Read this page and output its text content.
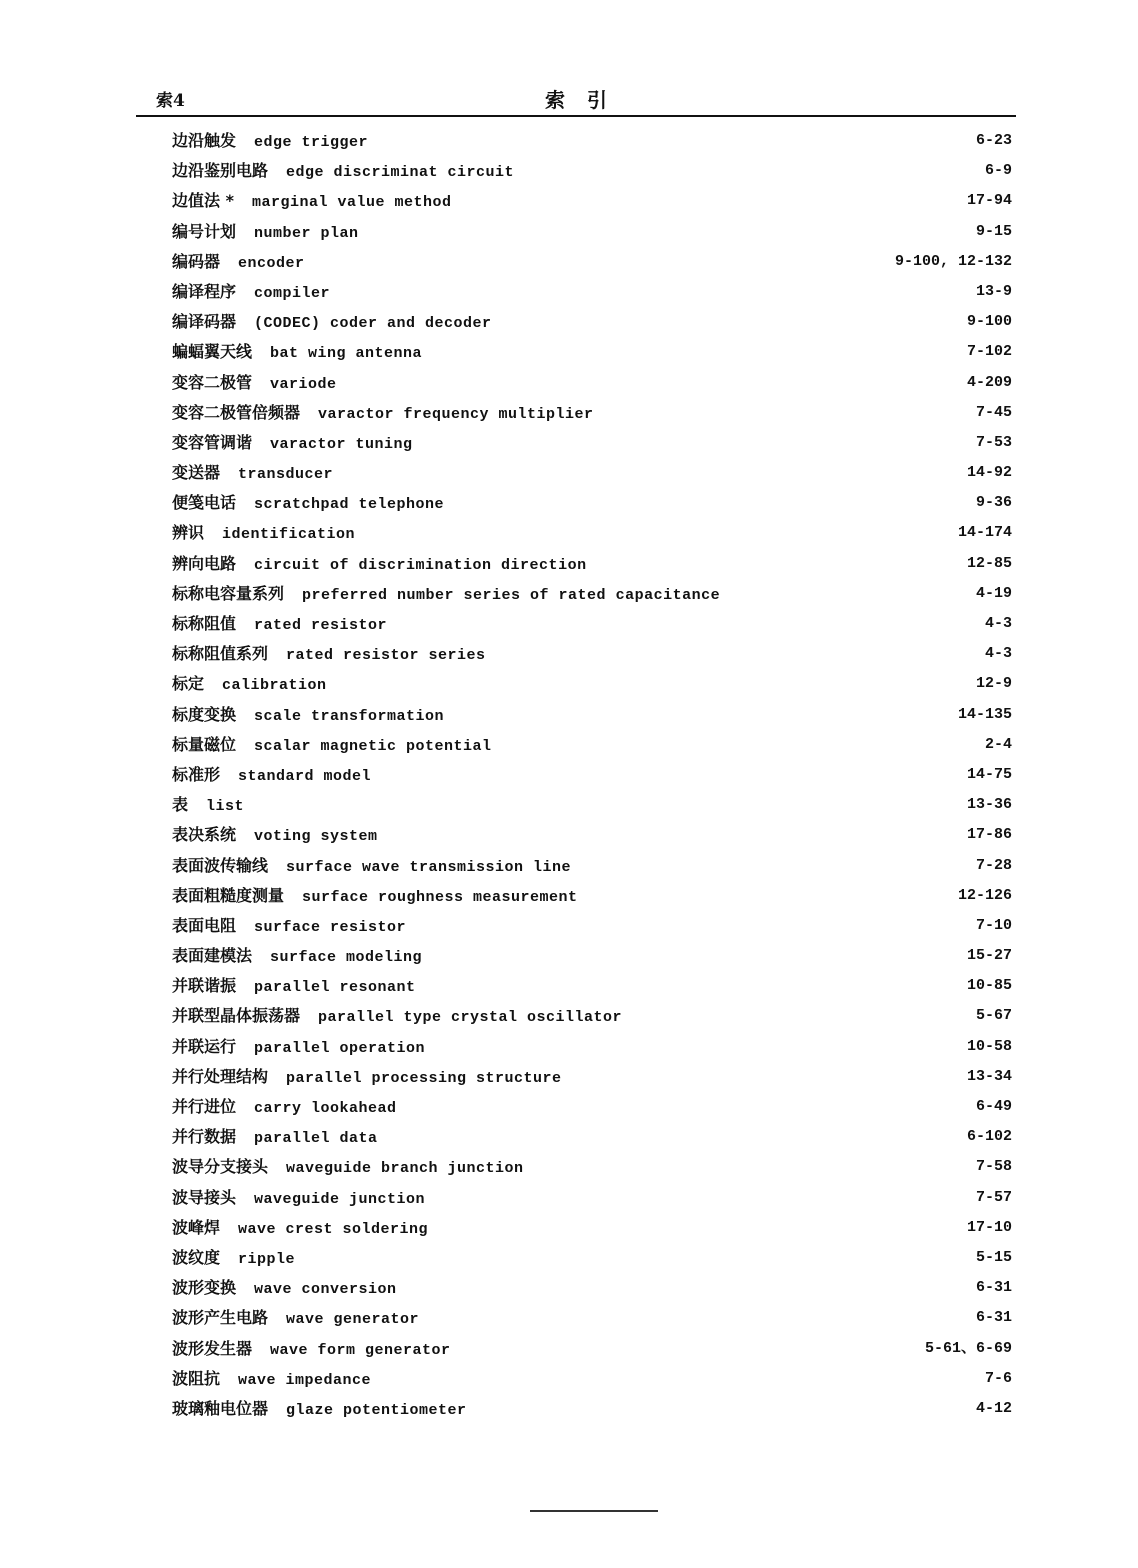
索4	索引
边沿触发 edge trigger	6-23
边沿鉴别电路 edge discriminat circuit	6-9
边值法 * marginal value method	17-94
编号计划 number plan	9-15
编码器 encoder	9-100, 12-132
编译程序 compiler	13-9
编译码器 (CODEC) coder and decoder	9-100
蝙蝠翼天线 bat wing antenna	7-102
变容二极管 variode	4-209
变容二极管倍频器 varactor frequency multiplier	7-45
变容管调谐 varactor tuning	7-53
变送器 transducer	14-92
便笺电话 scratchpad telephone	9-36
辨识 identification	14-174
辨向电路 circuit of discrimination direction	12-85
标称电容量系列 preferred number series of rated capacitance	4-19
标称阻值 rated resistor	4-3
标称阻值系列 rated resistor series	4-3
标定 calibration	12-9
标度变换 scale transformation	14-135
标量磁位 scalar magnetic potential	2-4
标准形 standard model	14-75
表 list	13-36
表决系统 voting system	17-86
表面波传输线 surface wave transmission line	7-28
表面粗糙度测量 surface roughness measurement	12-126
表面电阻 surface resistor	7-10
表面建模法 surface modeling	15-27
并联谐振 parallel resonant	10-85
并联型晶体振荡器 parallel type crystal oscillator	5-67
并联运行 parallel operation	10-58
并行处理结构 parallel processing structure	13-34
并行进位 carry lookahead	6-49
并行数据 parallel data	6-102
波导分支接头 waveguide branch junction	7-58
波导接头 waveguide junction	7-57
波峰焊 wave crest soldering	17-10
波纹度 ripple	5-15
波形变换 wave conversion	6-31
波形产生电路 wave generator	6-31
波形发生器 wave form generator	5-61、6-69
波阻抗 wave impedance	7-6
玻璃釉电位器 glaze potentiometer	4-12
